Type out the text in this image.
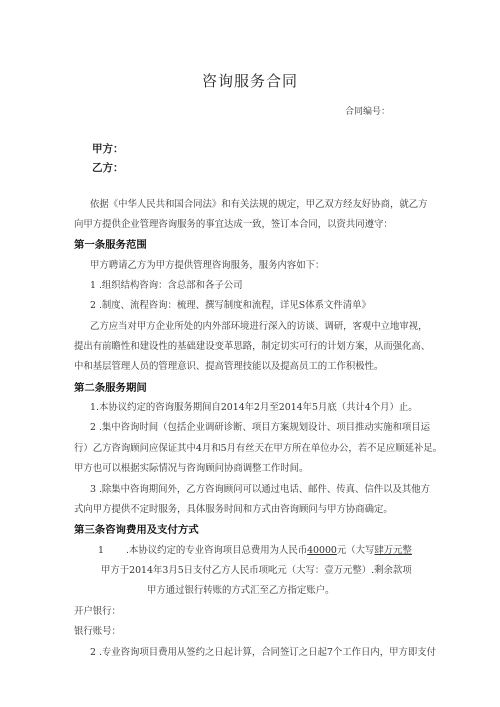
咨询服务合同
合同编号：
甲方：
乙方：
依据《中华人民共和国合同法》和有关法规的规定，甲乙双方经友好协商，就乙方
向甲方提供企业管理咨询服务的事宜达成一致，签订本合同，以资共同遵守：
第一条服务范围
甲方聘请乙方为甲方提供管理咨询服务，服务内容如下：
1 .组织结构咨询：含总部和各子公司
2 .制度、流程咨询：梳理、撰写制度和流程，详见S体系文件清单》
乙方应当对甲方企业所处的内外部环境进行深入的访谈、调研，客观中立地审视，
提出有前瞻性和建设性的基础建设变革思路，制定切实可行的计划方案，从而强化高、
中和基层管理人员的管理意识、提高管理技能以及提高员工的工作积极性。
第二条服务期间
1.本协议约定的咨询服务期间自2014年2月至2014年5月底（共计4个月）止。
2 .集中咨询时间（包括企业调研诊断、项目方案规划设计、项目推动实施和项目运
行）乙方咨询顾问应保证其中4月和5月有丝天在甲方所在单位办公，若不足应顺延补足。
甲方也可以根据实际情况与咨询顾问协商调整工作时间。
3 .除集中咨询期间外，乙方咨询顾问可以通过电话、邮件、传真、信件以及其他方
式向甲方提供不定时服务，具体服务时间和方式由咨询顾问与甲方协商确定。
第三条咨询费用及支付方式
1 .本协议约定的专业咨询项目总费用为人民币40000元（大写肆万元整
甲方于2014年3月5日支付乙方人民币项叱元（大写：壹万元整）.剩余款项
甲方通过银行转账的方式汇至乙方指定账户。
开户银行：
银行账号：
2 .专业咨询项目费用从签约之日起计算，合同签订之日起7个工作日内，甲方即支付
